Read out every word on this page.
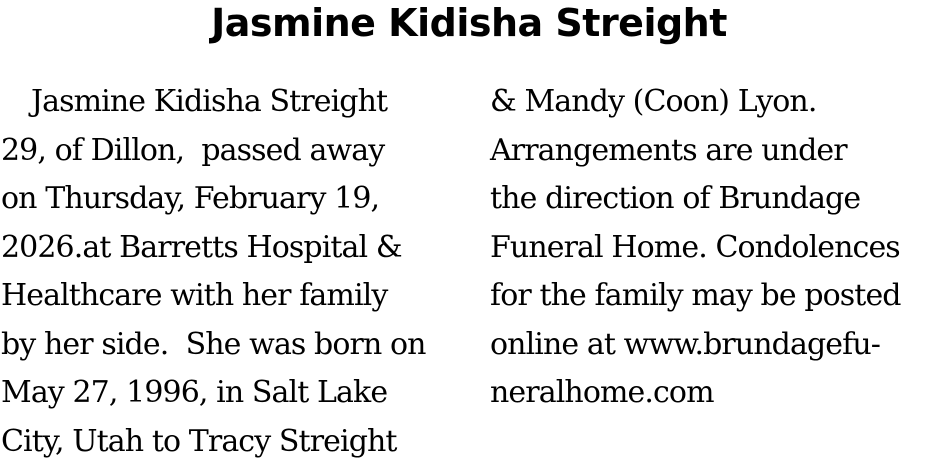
Jasmine Kidisha Streight
Jasmine Kidisha Streight
29, of Dillon,  passed away
on Thursday, February 19,
2026.at Barretts Hospital &
Healthcare with her family
by her side.  She was born on
May 27, 1996, in Salt Lake
City, Utah to Tracy Streight
& Mandy (Coon) Lyon.
Arrangements are under
the direction of Brundage
Funeral Home. Condolences
for the family may be posted
online at www.brundagefu-
neralhome.com
